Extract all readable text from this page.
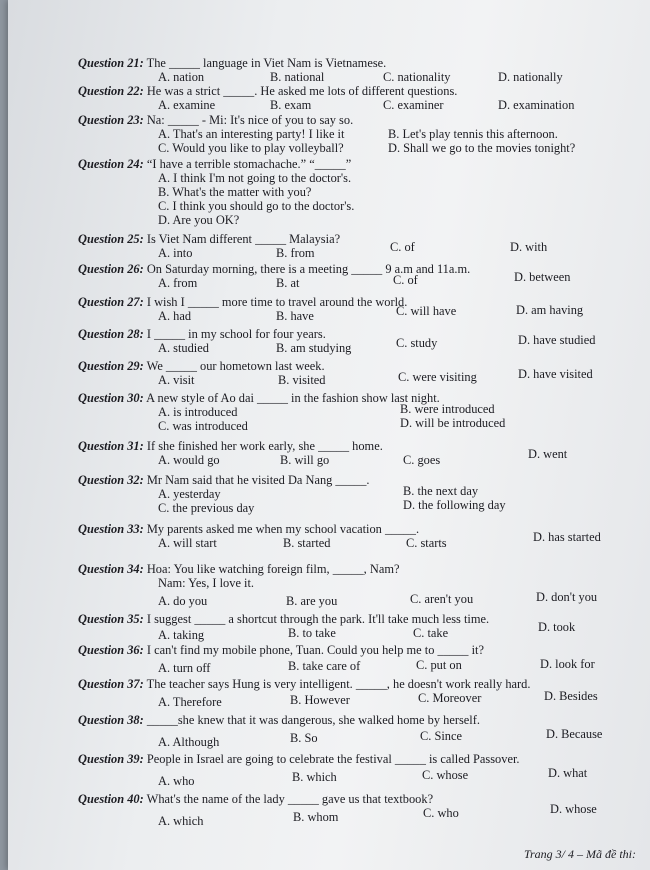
Question 21: The _____ language in Viet Nam is Vietnamese.
A. nation	B. national	C. nationality	D. nationally
Question 22: He was a strict _____. He asked me lots of different questions.
A. examine	B. exam	C. examiner	D. examination
Question 23: Na: _____ - Mi: It's nice of you to say so.
A. That's an interesting party! I like it	B. Let's play tennis this afternoon.
C. Would you like to play volleyball?	D. Shall we go to the movies tonight?
Question 24: “I have a terrible stomachache.” “_____”
A. I think I'm not going to the doctor's.
B. What's the matter with you?
C. I think you should go to the doctor's.
D. Are you OK?
Question 25: Is Viet Nam different _____ Malaysia?
A. into	B. from	C. of	D. with
Question 26: On Saturday morning, there is a meeting _____ 9 a.m and 11a.m.
A. from	B. at	C. of	D. between
Question 27: I wish I _____ more time to travel around the world.
A. had	B. have	C. will have	D. am having
Question 28: I _____ in my school for four years.
A. studied	B. am studying	C. study	D. have studied
Question 29: We _____ our hometown last week.
A. visit	B. visited	C. were visiting	D. have visited
Question 30: A new style of Ao dai _____ in the fashion show last night.
A. is introduced	B. were introduced
C. was introduced	D. will be introduced
Question 31: If she finished her work early, she _____ home.
A. would go	B. will go	C. goes	D. went
Question 32: Mr Nam said that he visited Da Nang _____.
A. yesterday	B. the next day
C. the previous day	D. the following day
Question 33: My parents asked me when my school vacation _____.
A. will start	B. started	C. starts	D. has started
Question 34: Hoa: You like watching foreign film, _____, Nam?
Nam: Yes, I love it.
A. do you	B. are you	C. aren't you	D. don't you
Question 35: I suggest _____ a shortcut through the park. It'll take much less time.
A. taking	B. to take	C. take	D. took
Question 36: I can't find my mobile phone, Tuan. Could you help me to _____ it?
A. turn off	B. take care of	C. put on	D. look for
Question 37: The teacher says Hung is very intelligent. _____, he doesn't work really hard.
A. Therefore	B. However	C. Moreover	D. Besides
Question 38: _____she knew that it was dangerous, she walked home by herself.
A. Although	B. So	C. Since	D. Because
Question 39: People in Israel are going to celebrate the festival _____ is called Passover.
A. who	B. which	C. whose	D. what
Question 40: What's the name of the lady _____ gave us that textbook?
A. which	B. whom	C. who	D. whose
Trang 3/ 4 – Mã đề thi:
